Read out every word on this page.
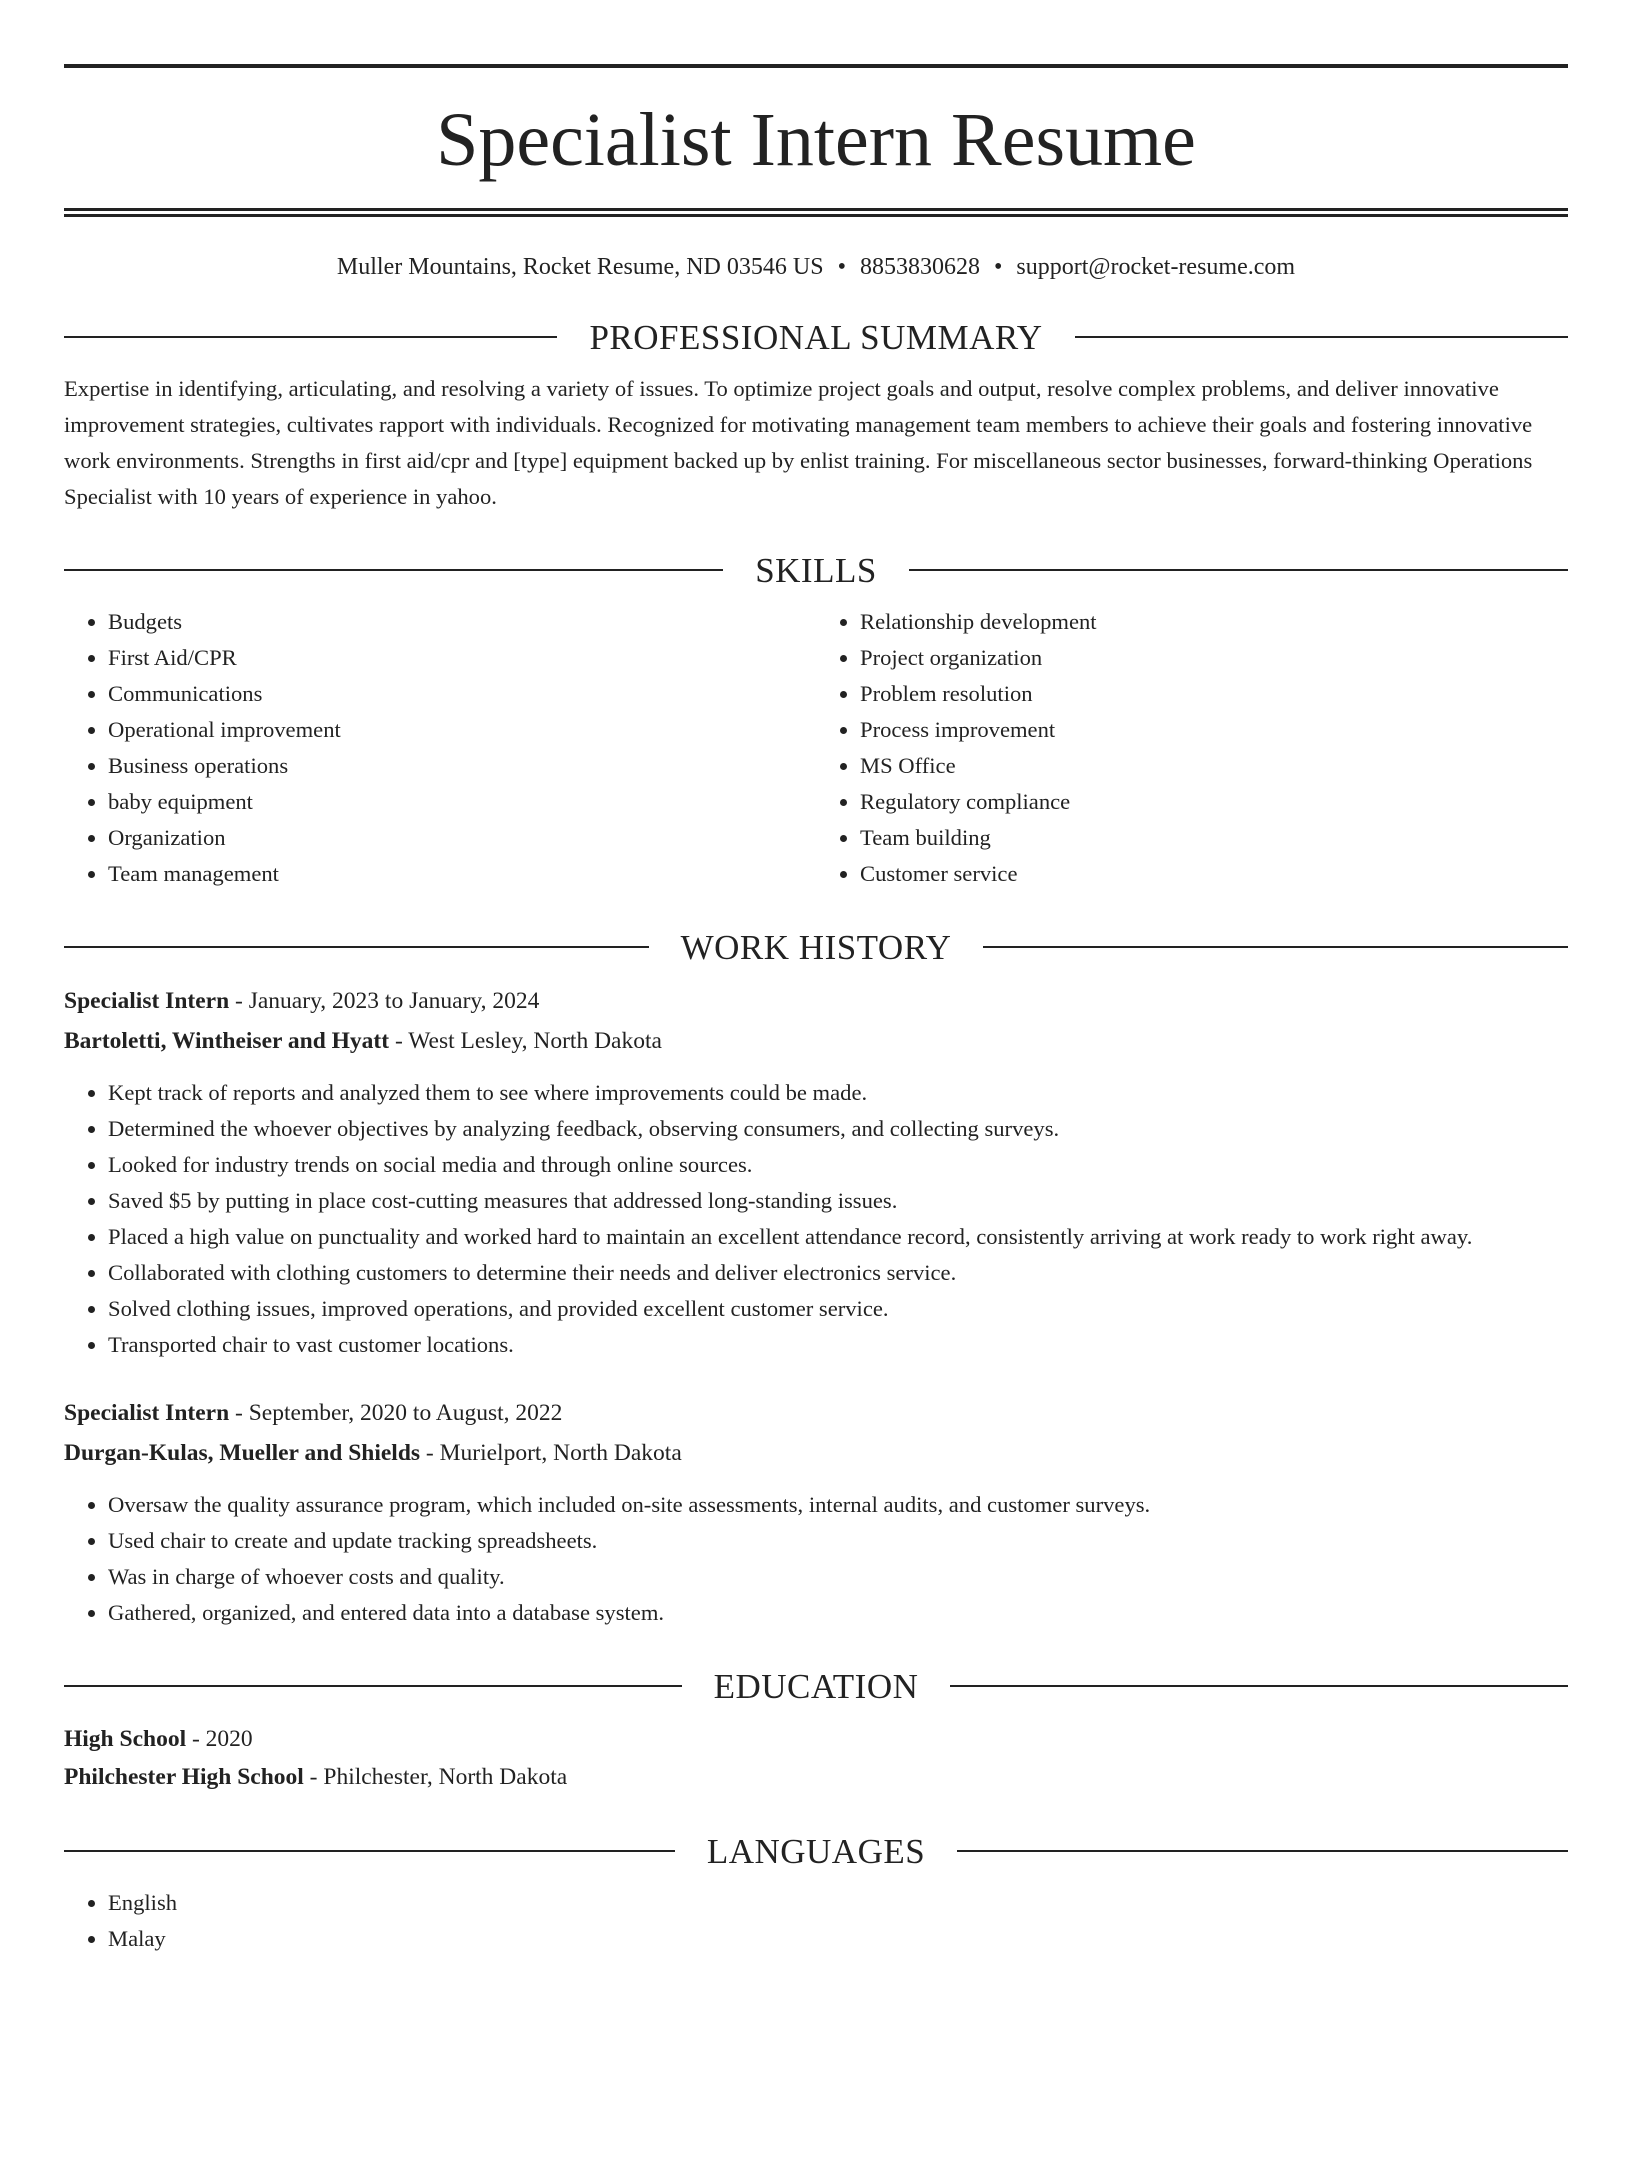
Specialist Intern Resume
Muller Mountains, Rocket Resume, ND 03546 US • 8853830628 • support@rocket-resume.com
PROFESSIONAL SUMMARY

Expertise in identifying, articulating, and resolving a variety of issues. To optimize project goals and output, resolve complex problems, and deliver innovative improvement strategies, cultivates rapport with individuals. Recognized for motivating management team members to achieve their goals and fostering innovative work environments. Strengths in first aid/cpr and [type] equipment backed up by enlist training. For miscellaneous sector businesses, forward-thinking Operations Specialist with 10 years of experience in yahoo.

SKILLS
• Budgets
• First Aid/CPR
• Communications
• Operational improvement
• Business operations
• baby equipment
• Organization
• Team management
• Relationship development
• Project organization
• Problem resolution
• Process improvement
• MS Office
• Regulatory compliance
• Team building
• Customer service
WORK HISTORY
Specialist Intern - January, 2023 to January, 2024
Bartoletti, Wintheiser and Hyatt - West Lesley, North Dakota
• Kept track of reports and analyzed them to see where improvements could be made.
• Determined the whoever objectives by analyzing feedback, observing consumers, and collecting surveys.
• Looked for industry trends on social media and through online sources.
• Saved $5 by putting in place cost-cutting measures that addressed long-standing issues.
• Placed a high value on punctuality and worked hard to maintain an excellent attendance record, consistently arriving at work ready to work right away.
• Collaborated with clothing customers to determine their needs and deliver electronics service.
• Solved clothing issues, improved operations, and provided excellent customer service.
• Transported chair to vast customer locations.
Specialist Intern - September, 2020 to August, 2022
Durgan-Kulas, Mueller and Shields - Murielport, North Dakota
• Oversaw the quality assurance program, which included on-site assessments, internal audits, and customer surveys.
• Used chair to create and update tracking spreadsheets.
• Was in charge of whoever costs and quality.
• Gathered, organized, and entered data into a database system.
EDUCATION
High School - 2020
Philchester High School - Philchester, North Dakota
LANGUAGES
• English
• Malay
